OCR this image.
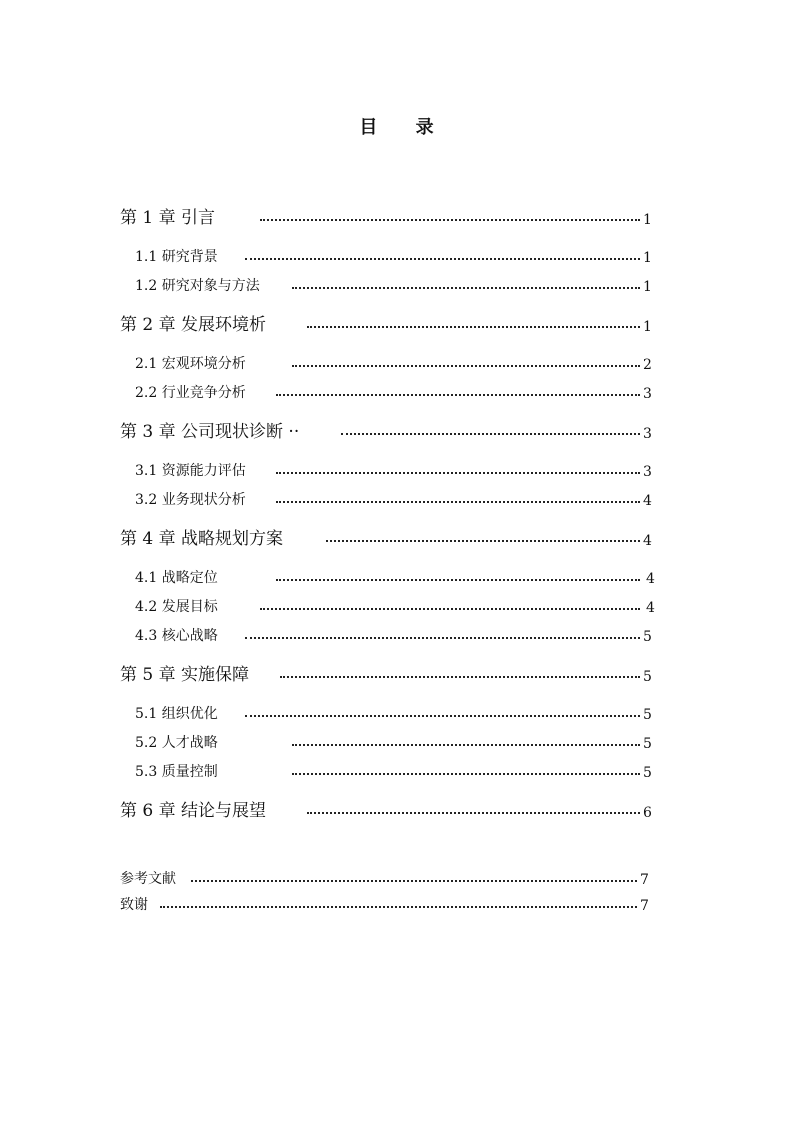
目 录
第 1 章 引言	1
1.1 研究背景	1
1.2 研究对象与方法	1
第 2 章 发展环境析	1
2.1 宏观环境分析	2
2.2 行业竞争分析	3
第 3 章 公司现状诊断 ··	3
3.1 资源能力评估	3
3.2 业务现状分析	4
第 4 章 战略规划方案	4
4.1 战略定位	4
4.2 发展目标	4
4.3 核心战略	5
第 5 章 实施保障	5
5.1 组织优化	5
5.2 人才战略	5
5.3 质量控制	5
第 6 章 结论与展望	6
参考文献	7
致谢	7
